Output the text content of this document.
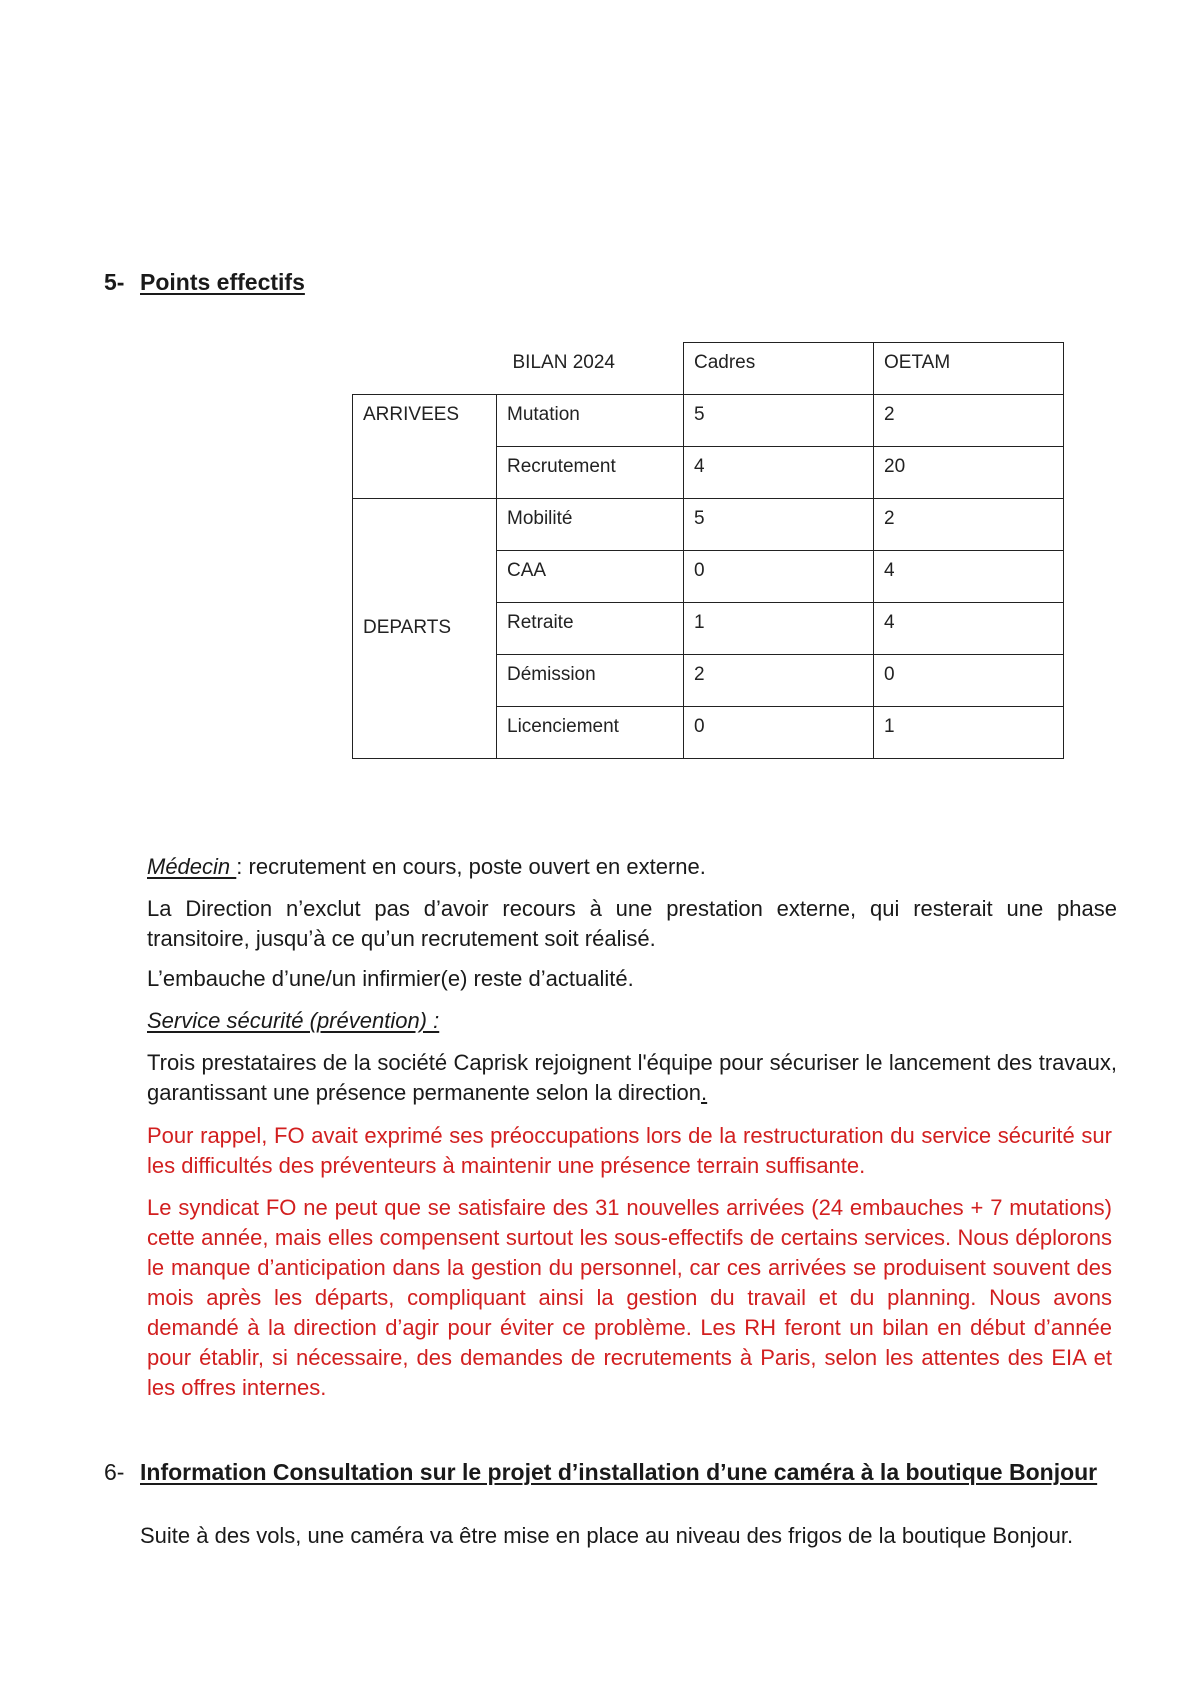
5- Points effectifs
	BILAN 2024	Cadres	OETAM
ARRIVEES	Mutation	5	2
	Recrutement	4	20

DEPARTS	Mobilité	5	2
	CAA	0	4
	Retraite	1	4
	Démission	2	0
	Licenciement	0	1
Médecin : recrutement en cours, poste ouvert en externe.
La Direction n’exclut pas d’avoir recours à une prestation externe, qui resterait une phase transitoire, jusqu’à ce qu’un recrutement soit réalisé.
L’embauche d’une/un infirmier(e) reste d’actualité.
Service sécurité (prévention) :
Trois prestataires de la société Caprisk rejoignent l'équipe pour sécuriser le lancement des travaux, garantissant une présence permanente selon la direction.
Pour rappel, FO avait exprimé ses préoccupations lors de la restructuration du service sécurité sur les difficultés des préventeurs à maintenir une présence terrain suffisante.
Le syndicat FO ne peut que se satisfaire des 31 nouvelles arrivées (24 embauches + 7 mutations) cette année, mais elles compensent surtout les sous-effectifs de certains services. Nous déplorons le manque d’anticipation dans la gestion du personnel, car ces arrivées se produisent souvent des mois après les départs, compliquant ainsi la gestion du travail et du planning. Nous avons demandé à la direction d’agir pour éviter ce problème. Les RH feront un bilan en début d’année pour établir, si nécessaire, des demandes de recrutements à Paris, selon les attentes des EIA et les offres internes.
6- Information Consultation sur le projet d’installation d’une caméra à la boutique Bonjour
Suite à des vols, une caméra va être mise en place au niveau des frigos de la boutique Bonjour.
